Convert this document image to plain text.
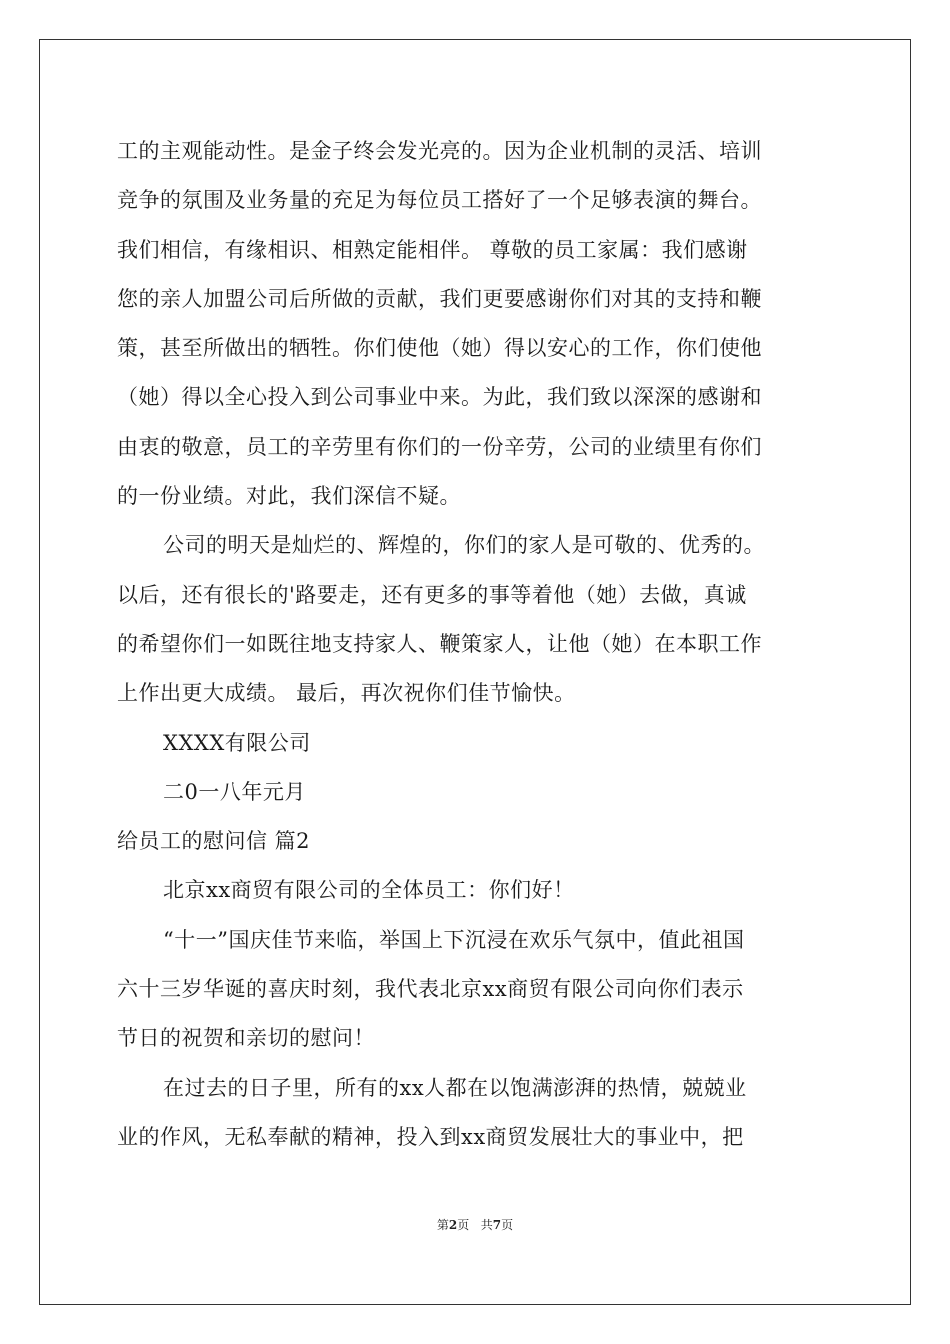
工的主观能动性。是金子终会发光亮的。因为企业机制的灵活、培训
竞争的氛围及业务量的充足为每位员工搭好了一个足够表演的舞台。
我们相信，有缘相识、相熟定能相伴。 尊敬的员工家属：我们感谢
您的亲人加盟公司后所做的贡献，我们更要感谢你们对其的支持和鞭
策，甚至所做出的牺牲。你们使他（她）得以安心的工作，你们使他
（她）得以全心投入到公司事业中来。为此，我们致以深深的感谢和
由衷的敬意，员工的辛劳里有你们的一份辛劳，公司的业绩里有你们
的一份业绩。对此，我们深信不疑。
公司的明天是灿烂的、辉煌的，你们的家人是可敬的、优秀的。
以后，还有很长的'路要走，还有更多的事等着他（她）去做，真诚
的希望你们一如既往地支持家人、鞭策家人，让他（她）在本职工作
上作出更大成绩。 最后，再次祝你们佳节愉快。
XXXX有限公司
二0一八年元月
给员工的慰问信 篇2
北京xx商贸有限公司的全体员工：你们好！
“十一”国庆佳节来临，举国上下沉浸在欢乐气氛中，值此祖国
六十三岁华诞的喜庆时刻，我代表北京xx商贸有限公司向你们表示
节日的祝贺和亲切的慰问！
在过去的日子里，所有的xx人都在以饱满澎湃的热情，兢兢业
业的作风，无私奉献的精神，投入到xx商贸发展壮大的事业中，把
第2页 共7页
